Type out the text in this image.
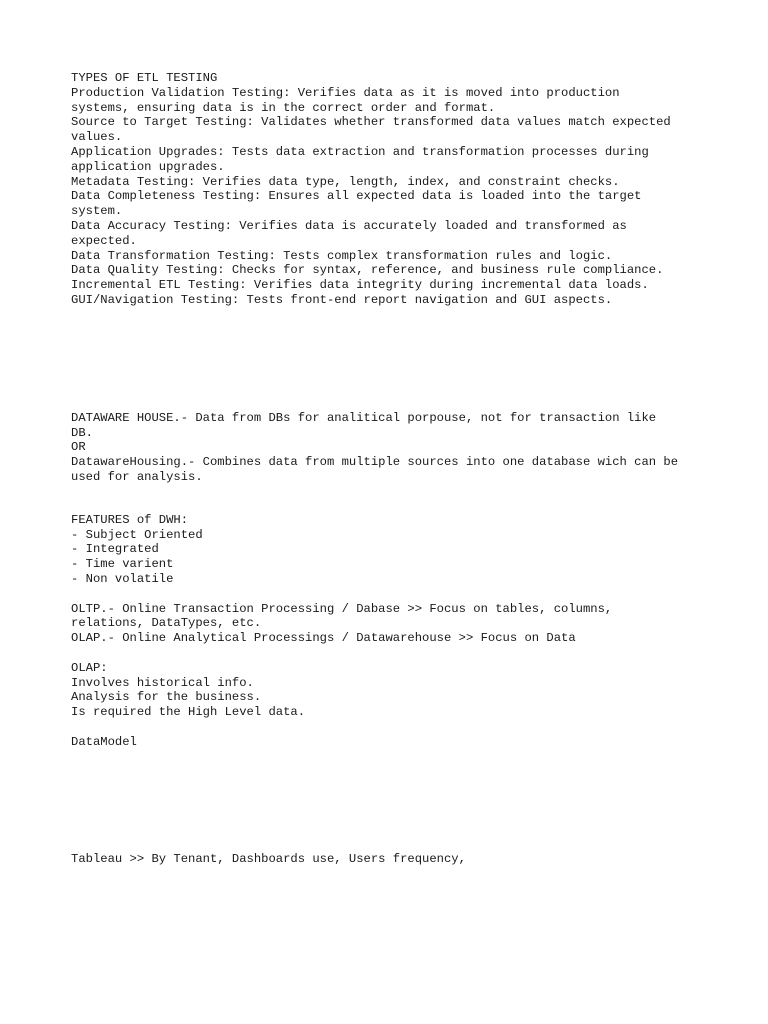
TYPES OF ETL TESTING
Production Validation Testing: Verifies data as it is moved into production
systems, ensuring data is in the correct order and format.
Source to Target Testing: Validates whether transformed data values match expected
values.
Application Upgrades: Tests data extraction and transformation processes during
application upgrades.
Metadata Testing: Verifies data type, length, index, and constraint checks.
Data Completeness Testing: Ensures all expected data is loaded into the target
system.
Data Accuracy Testing: Verifies data is accurately loaded and transformed as
expected.
Data Transformation Testing: Tests complex transformation rules and logic.
Data Quality Testing: Checks for syntax, reference, and business rule compliance.
Incremental ETL Testing: Verifies data integrity during incremental data loads.
GUI/Navigation Testing: Tests front-end report navigation and GUI aspects.
DATAWARE HOUSE.- Data from DBs for analitical porpouse, not for transaction like
DB.
OR
DatawareHousing.- Combines data from multiple sources into one database wich can be
used for analysis.
FEATURES of DWH:
- Subject Oriented
- Integrated
- Time varient
- Non volatile
OLTP.- Online Transaction Processing / Dabase >> Focus on tables, columns,
relations, DataTypes, etc.
OLAP.- Online Analytical Processings / Datawarehouse >> Focus on Data
OLAP:
Involves historical info.
Analysis for the business.
Is required the High Level data.
DataModel
Tableau >> By Tenant, Dashboards use, Users frequency,
